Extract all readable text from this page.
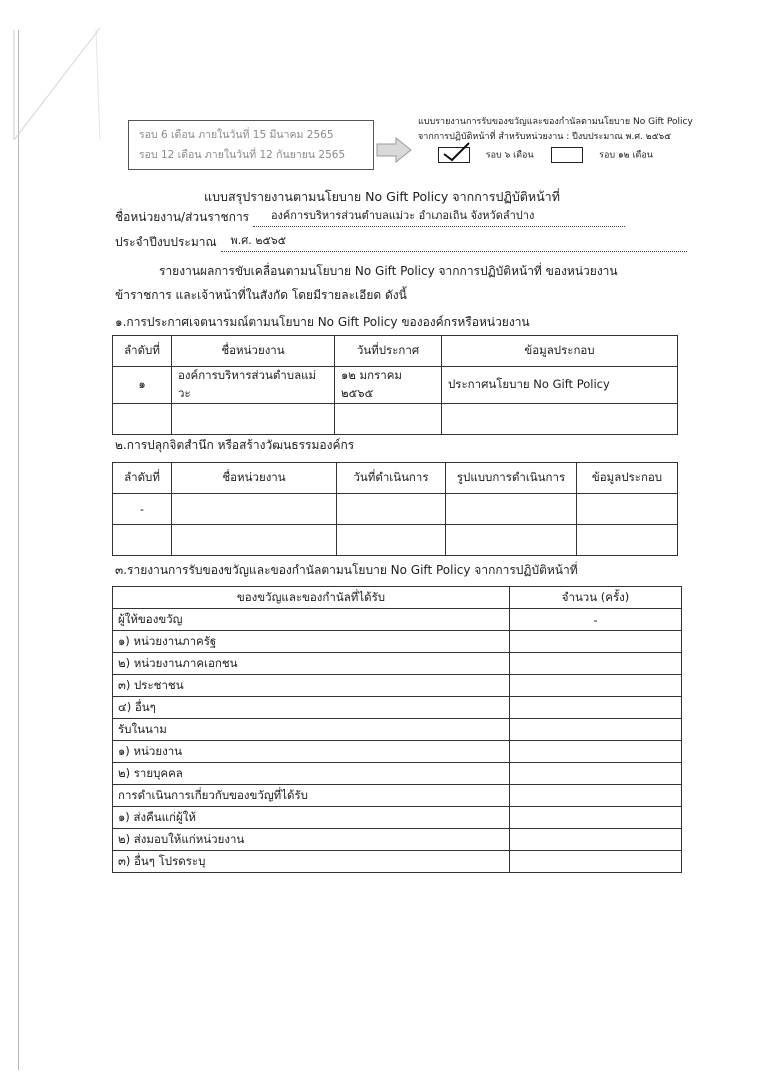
รอบ 6 เดือน ภายในวันที่ 15 มีนาคม 2565
รอบ 12 เดือน ภายในวันที่ 12 กันยายน 2565
แบบรายงานการรับของขวัญและของกำนัลตามนโยบาย No Gift Policy
จากการปฏิบัติหน้าที่ สำหรับหน่วยงาน : ปีงบประมาณ พ.ศ. ๒๕๖๕
รอบ ๖ เดือน	รอบ ๑๒ เดือน
แบบสรุปรายงานตามนโยบาย No Gift Policy จากการปฏิบัติหน้าที่
ชื่อหน่วยงาน/ส่วนราชการ องค์การบริหารส่วนตำบลแม่วะ อำเภอเถิน จังหวัดลำปาง
ประจำปีงบประมาณ พ.ศ. ๒๕๖๕
รายงานผลการขับเคลื่อนตามนโยบาย No Gift Policy จากการปฏิบัติหน้าที่ ของหน่วยงาน
ข้าราชการ และเจ้าหน้าที่ในสังกัด โดยมีรายละเอียด ดังนี้
๑.การประกาศเจตนารมณ์ตามนโยบาย No Gift Policy ขององค์กรหรือหน่วยงาน
ลำดับที่	ชื่อหน่วยงาน	วันที่ประกาศ	ข้อมูลประกอบ
๑	องค์การบริหารส่วนตำบลแม่วะ	๑๒ มกราคม ๒๕๖๕	ประกาศนโยบาย No Gift Policy

๒.การปลุกจิตสำนึก หรือสร้างวัฒนธรรมองค์กร
ลำดับที่	ชื่อหน่วยงาน	วันที่ดำเนินการ	รูปแบบการดำเนินการ	ข้อมูลประกอบ
-				

๓.รายงานการรับของขวัญและของกำนัลตามนโยบาย No Gift Policy จากการปฏิบัติหน้าที่
ของขวัญและของกำนัลที่ได้รับ	จำนวน (ครั้ง)
ผู้ให้ของขวัญ	-
๑) หน่วยงานภาครัฐ	
๒) หน่วยงานภาคเอกชน	
๓) ประชาชน	
๔) อื่นๆ	
รับในนาม	
๑) หน่วยงาน	
๒) รายบุคคล	
การดำเนินการเกี่ยวกับของขวัญที่ได้รับ	
๑) ส่งคืนแก่ผู้ให้	
๒) ส่งมอบให้แก่หน่วยงาน	
๓) อื่นๆ โปรดระบุ	
